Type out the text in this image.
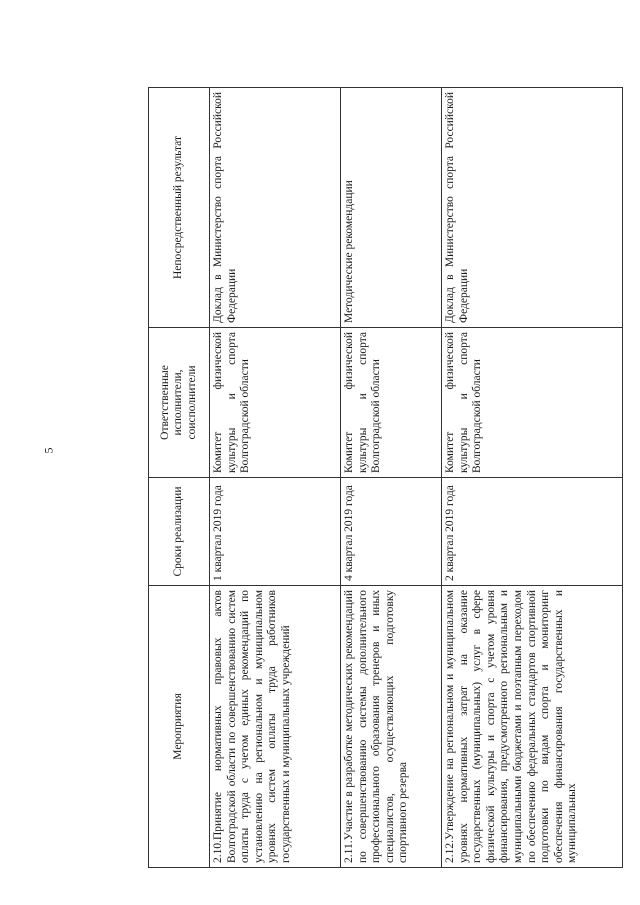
5
Мероприятия	Сроки реализации	Ответственные исполнители, соисполнители	Непосредственный результат
2.10.Принятие нормативных правовых актов Волгоградской области по совершенствованию систем оплаты труда с учетом единых рекомендаций по установлению на региональном и муниципальном уровнях систем оплаты труда работников государственных и муниципальных учреждений	1 квартал 2019 года	Комитет физической культуры и спорта Волгоградской области	Доклад в Министерство спорта Российской Федерации
2.11.Участие в разработке методических рекомендаций по совершенствованию системы дополнительного профессионального образования тренеров и иных специалистов, осуществляющих подготовку спортивного резерва	4 квартал 2019 года	Комитет физической культуры и спорта Волгоградской области	Методические рекомендации
2.12.Утверждение на региональном и муниципальном уровнях нормативных затрат на оказание государственных (муниципальных) услуг в сфере физической культуры и спорта с учетом уровня финансирования, предусмотренного региональным и муниципальными бюджетами и поэтапным переходом по обеспечению федеральных стандартов спортивной подготовки по видам спорта и мониторинг обеспечения финансирования государственных и муниципальных	2 квартал 2019 года	Комитет физической культуры и спорта Волгоградской области	Доклад в Министерство спорта Российской Федерации
